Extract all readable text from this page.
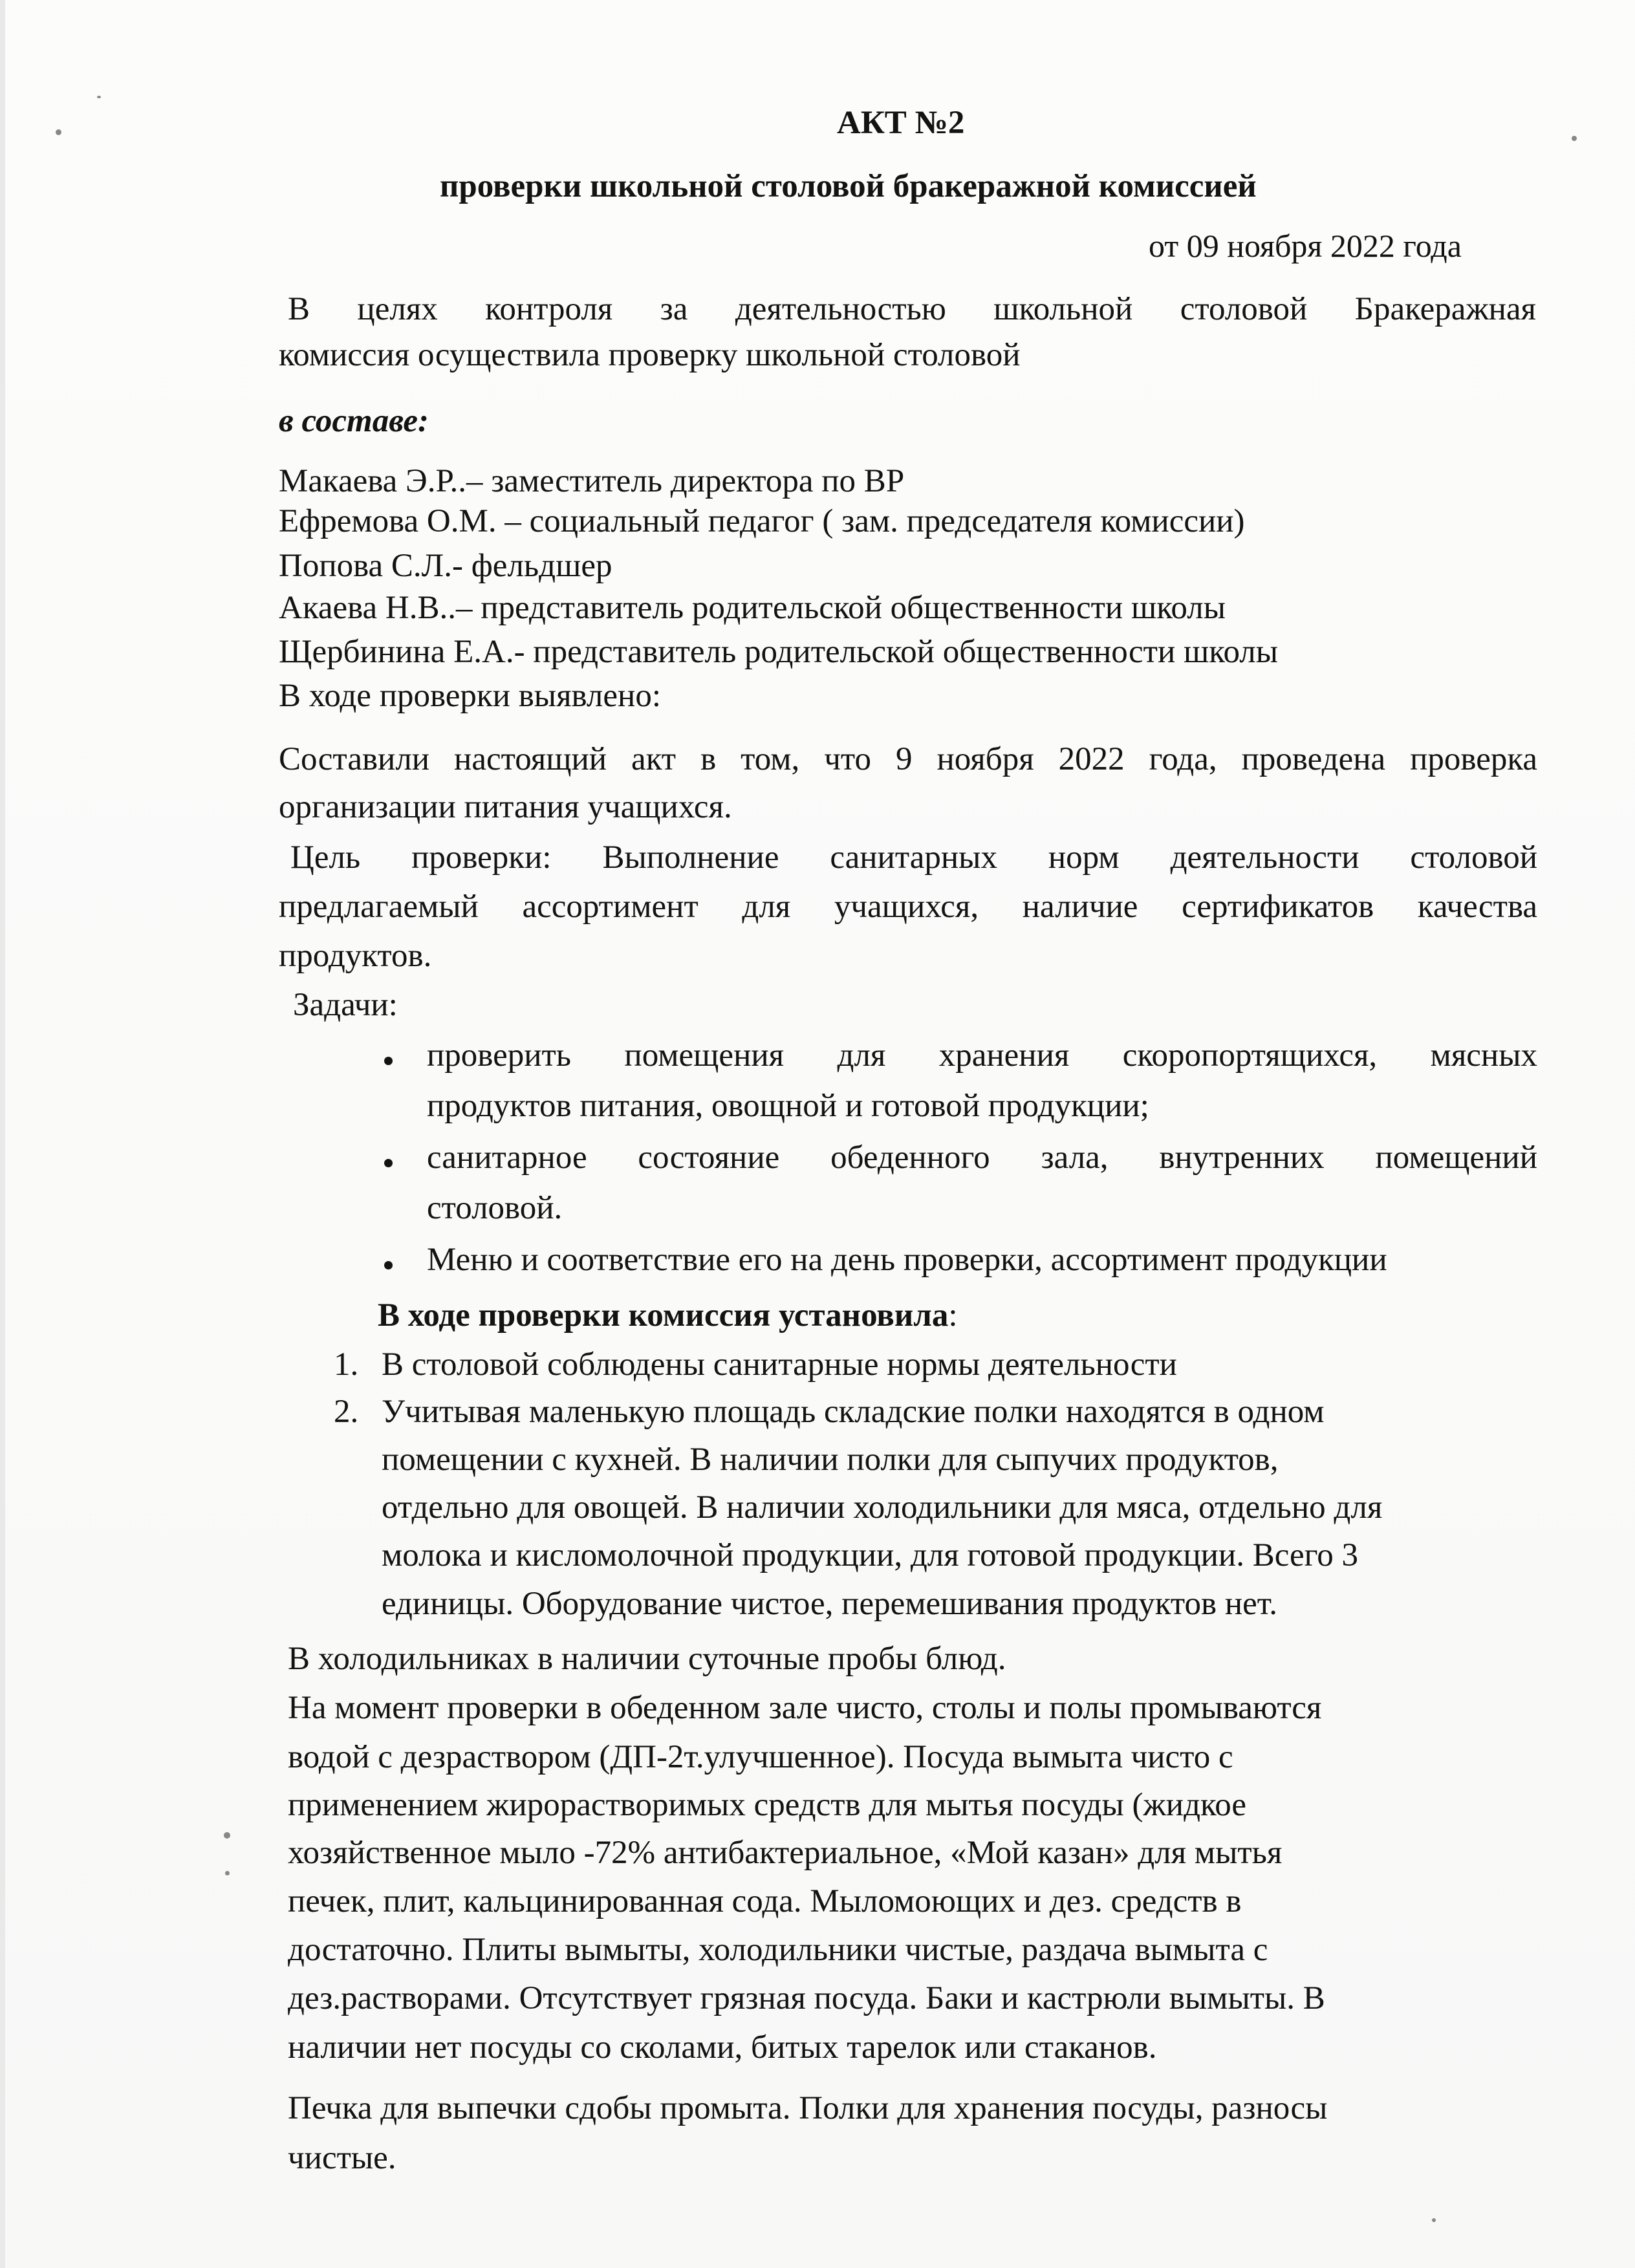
АКТ №2
проверки школьной столовой бракеражной комиссией
от 09 ноября 2022 года
В целях контроля за деятельностью школьной столовой Бракеражная
комиссия осуществила проверку школьной столовой
в составе:
Макаева Э.Р..– заместитель директора по ВР
Ефремова О.М. – социальный педагог ( зам. председателя комиссии)
Попова С.Л.- фельдшер
Акаева Н.В..– представитель родительской общественности школы
Щербинина Е.А.- представитель родительской общественности школы
В ходе проверки выявлено:
Составили настоящий акт в том, что 9 ноября 2022 года, проведена проверка
организации питания учащихся.
Цель проверки: Выполнение санитарных норм деятельности столовой
предлагаемый ассортимент для учащихся, наличие сертификатов качества
продуктов.
Задачи:
проверить помещения для хранения скоропортящихся, мясных
продуктов питания, овощной и готовой продукции;
санитарное состояние обеденного зала, внутренних помещений
столовой.
Меню и соответствие его на день проверки, ассортимент продукции
В ходе проверки комиссия установила:
1. В столовой соблюдены санитарные нормы деятельности
2. Учитывая маленькую площадь складские полки находятся в одном
помещении с кухней. В наличии полки для сыпучих продуктов,
отдельно для овощей. В наличии холодильники для мяса, отдельно для
молока и кисломолочной продукции, для готовой продукции. Всего 3
единицы. Оборудование чистое, перемешивания продуктов нет.
В холодильниках в наличии суточные пробы блюд.
На момент проверки в обеденном зале чисто, столы и полы промываются
водой с дезраствором (ДП-2т.улучшенное). Посуда вымыта чисто с
применением жирорастворимых средств для мытья посуды (жидкое
хозяйственное мыло -72% антибактериальное, «Мой казан» для мытья
печек, плит, кальцинированная сода. Мыломоющих и дез. средств в
достаточно. Плиты вымыты, холодильники чистые, раздача вымыта с
дез.растворами. Отсутствует грязная посуда. Баки и кастрюли вымыты. В
наличии нет посуды со сколами, битых тарелок или стаканов.
Печка для выпечки сдобы промыта. Полки для хранения посуды, разносы
чистые.
